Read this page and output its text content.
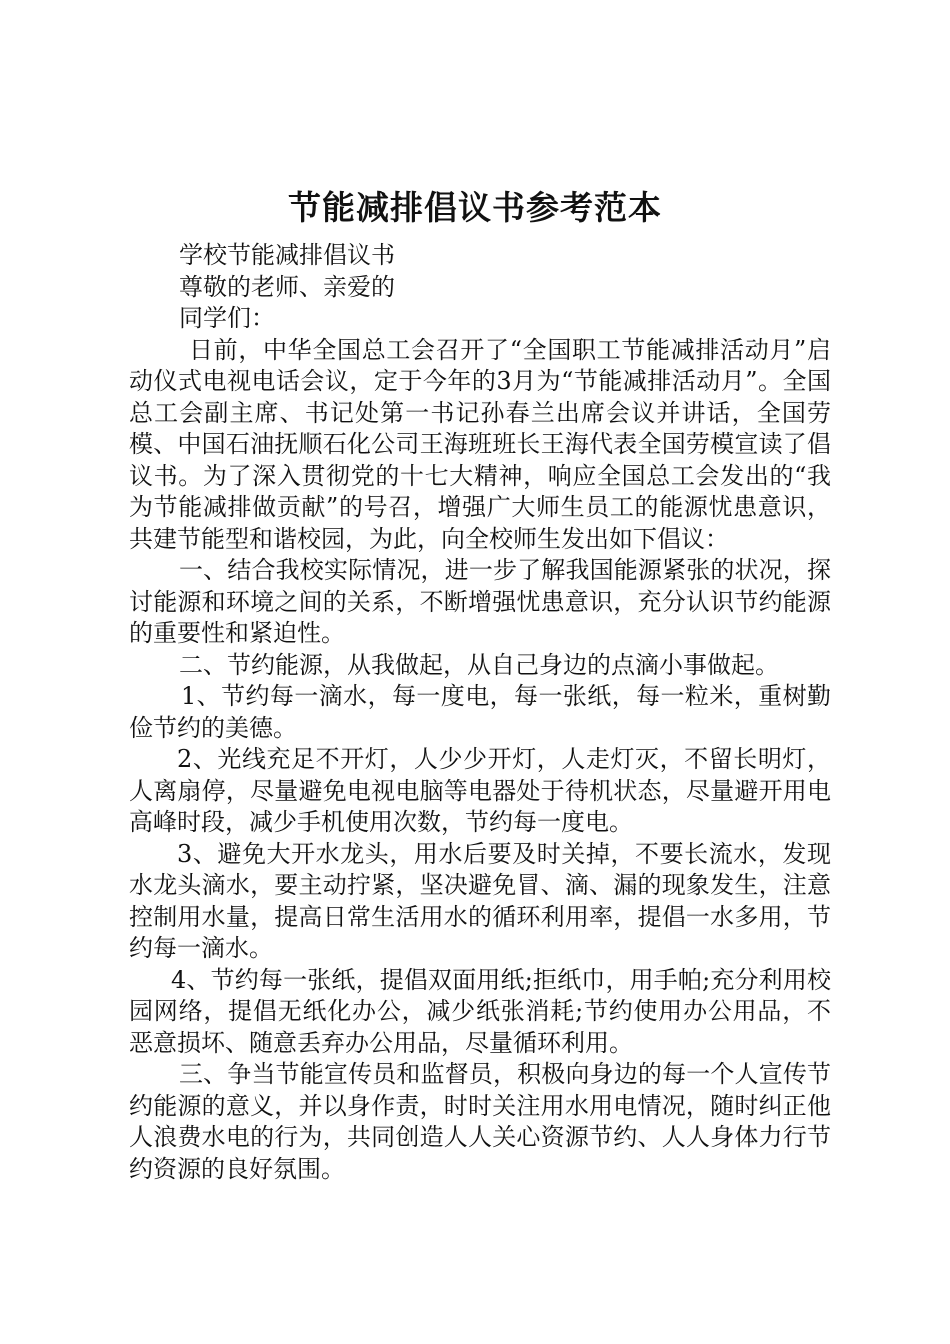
节能减排倡议书参考范本

学校节能减排倡议书

尊敬的老师、亲爱的

同学们：

日前，中华全国总工会召开了“全国职工节能减排活动月”启动仪式电视电话会议，定于今年的3月为“节能减排活动月”。全国总工会副主席、书记处第一书记孙春兰出席会议并讲话，全国劳模、中国石油抚顺石化公司王海班班长王海代表全国劳模宣读了倡议书。为了深入贯彻党的十七大精神，响应全国总工会发出的“我为节能减排做贡献”的号召，增强广大师生员工的能源忧患意识，共建节能型和谐校园，为此，向全校师生发出如下倡议：

一、结合我校实际情况，进一步了解我国能源紧张的状况，探讨能源和环境之间的关系，不断增强忧患意识，充分认识节约能源的重要性和紧迫性。

二、节约能源，从我做起，从自己身边的点滴小事做起。

1、节约每一滴水，每一度电，每一张纸，每一粒米，重树勤俭节约的美德。

2、光线充足不开灯，人少少开灯，人走灯灭，不留长明灯，人离扇停，尽量避免电视电脑等电器处于待机状态，尽量避开用电高峰时段，减少手机使用次数，节约每一度电。

3、避免大开水龙头，用水后要及时关掉，不要长流水，发现水龙头滴水，要主动拧紧，坚决避免冒、滴、漏的现象发生，注意控制用水量，提高日常生活用水的循环利用率，提倡一水多用，节约每一滴水。

4、节约每一张纸，提倡双面用纸;拒纸巾，用手帕;充分利用校园网络，提倡无纸化办公，减少纸张消耗;节约使用办公用品，不恶意损坏、随意丢弃办公用品，尽量循环利用。

三、争当节能宣传员和监督员，积极向身边的每一个人宣传节约能源的意义，并以身作责，时时关注用水用电情况，随时纠正他人浪费水电的行为，共同创造人人关心资源节约、人人身体力行节约资源的良好氛围。
